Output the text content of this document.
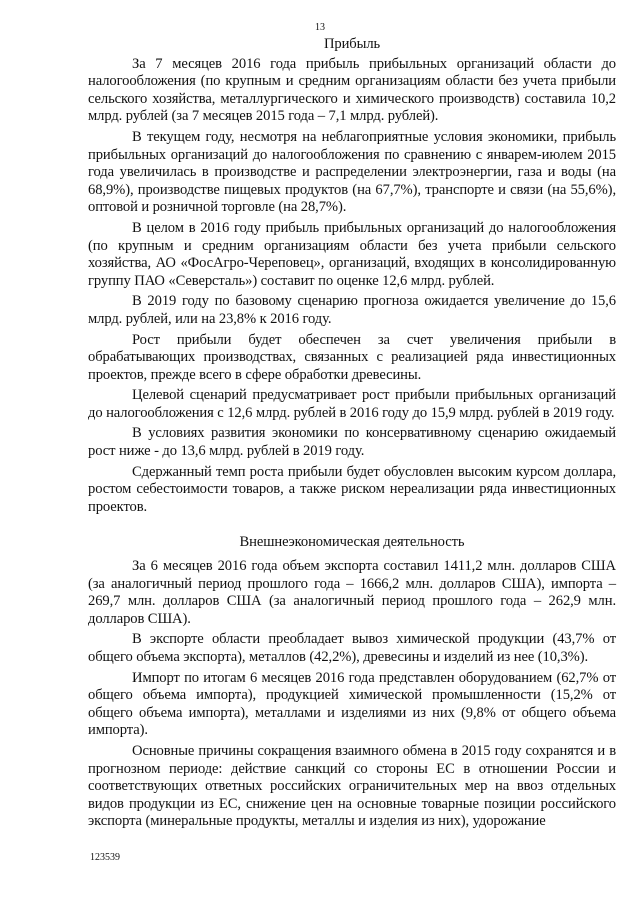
13
Прибыль

За 7 месяцев 2016 года прибыль прибыльных организаций области до налогообложения (по крупным и средним организациям области без учета прибыли сельского хозяйства, металлургического и химического производств) составила 10,2 млрд. рублей (за 7 месяцев 2015 года – 7,1 млрд. рублей).

В текущем году, несмотря на неблагоприятные условия экономики, прибыль прибыльных организаций до налогообложения по сравнению с январем-июлем 2015 года увеличилась в производстве и распределении электроэнергии, газа и воды (на 68,9%), производстве пищевых продуктов (на 67,7%), транспорте и связи (на 55,6%), оптовой и розничной торговле (на 28,7%).

В целом в 2016 году прибыль прибыльных организаций до налогообложения (по крупным и средним организациям области без учета прибыли сельского хозяйства, АО «ФосАгро-Череповец», организаций, входящих в консолидированную группу ПАО «Северсталь») составит по оценке 12,6 млрд. рублей.

В 2019 году по базовому сценарию прогноза ожидается увеличение до 15,6 млрд. рублей, или на 23,8% к 2016 году.

Рост прибыли будет обеспечен за счет увеличения прибыли в обрабатывающих производствах, связанных с реализацией ряда инвестиционных проектов, прежде всего в сфере обработки древесины.

Целевой сценарий предусматривает рост прибыли прибыльных организаций до налогообложения с 12,6 млрд. рублей в 2016 году до 15,9 млрд. рублей в 2019 году.

В условиях развития экономики по консервативному сценарию ожидаемый рост ниже - до 13,6 млрд. рублей в 2019 году.

Сдержанный темп роста прибыли будет обусловлен высоким курсом доллара, ростом себестоимости товаров, а также риском нереализации ряда инвестиционных проектов.

Внешнеэкономическая деятельность

За 6 месяцев 2016 года объем экспорта составил 1411,2 млн. долларов США (за аналогичный период прошлого года – 1666,2 млн. долларов США), импорта – 269,7 млн. долларов США (за аналогичный период прошлого года – 262,9 млн. долларов США).

В экспорте области преобладает вывоз химической продукции (43,7% от общего объема экспорта), металлов (42,2%), древесины и изделий из нее (10,3%).

Импорт по итогам 6 месяцев 2016 года представлен оборудованием (62,7% от общего объема импорта), продукцией химической промышленности (15,2% от общего объема импорта), металлами и изделиями из них (9,8% от общего объема импорта).

Основные причины сокращения взаимного обмена в 2015 году сохранятся и в прогнозном периоде: действие санкций со стороны ЕС в отношении России и соответствующих ответных российских ограничительных мер на ввоз отдельных видов продукции из ЕС, снижение цен на основные товарные позиции российского экспорта (минеральные продукты, металлы и изделия из них), удорожание

123539
